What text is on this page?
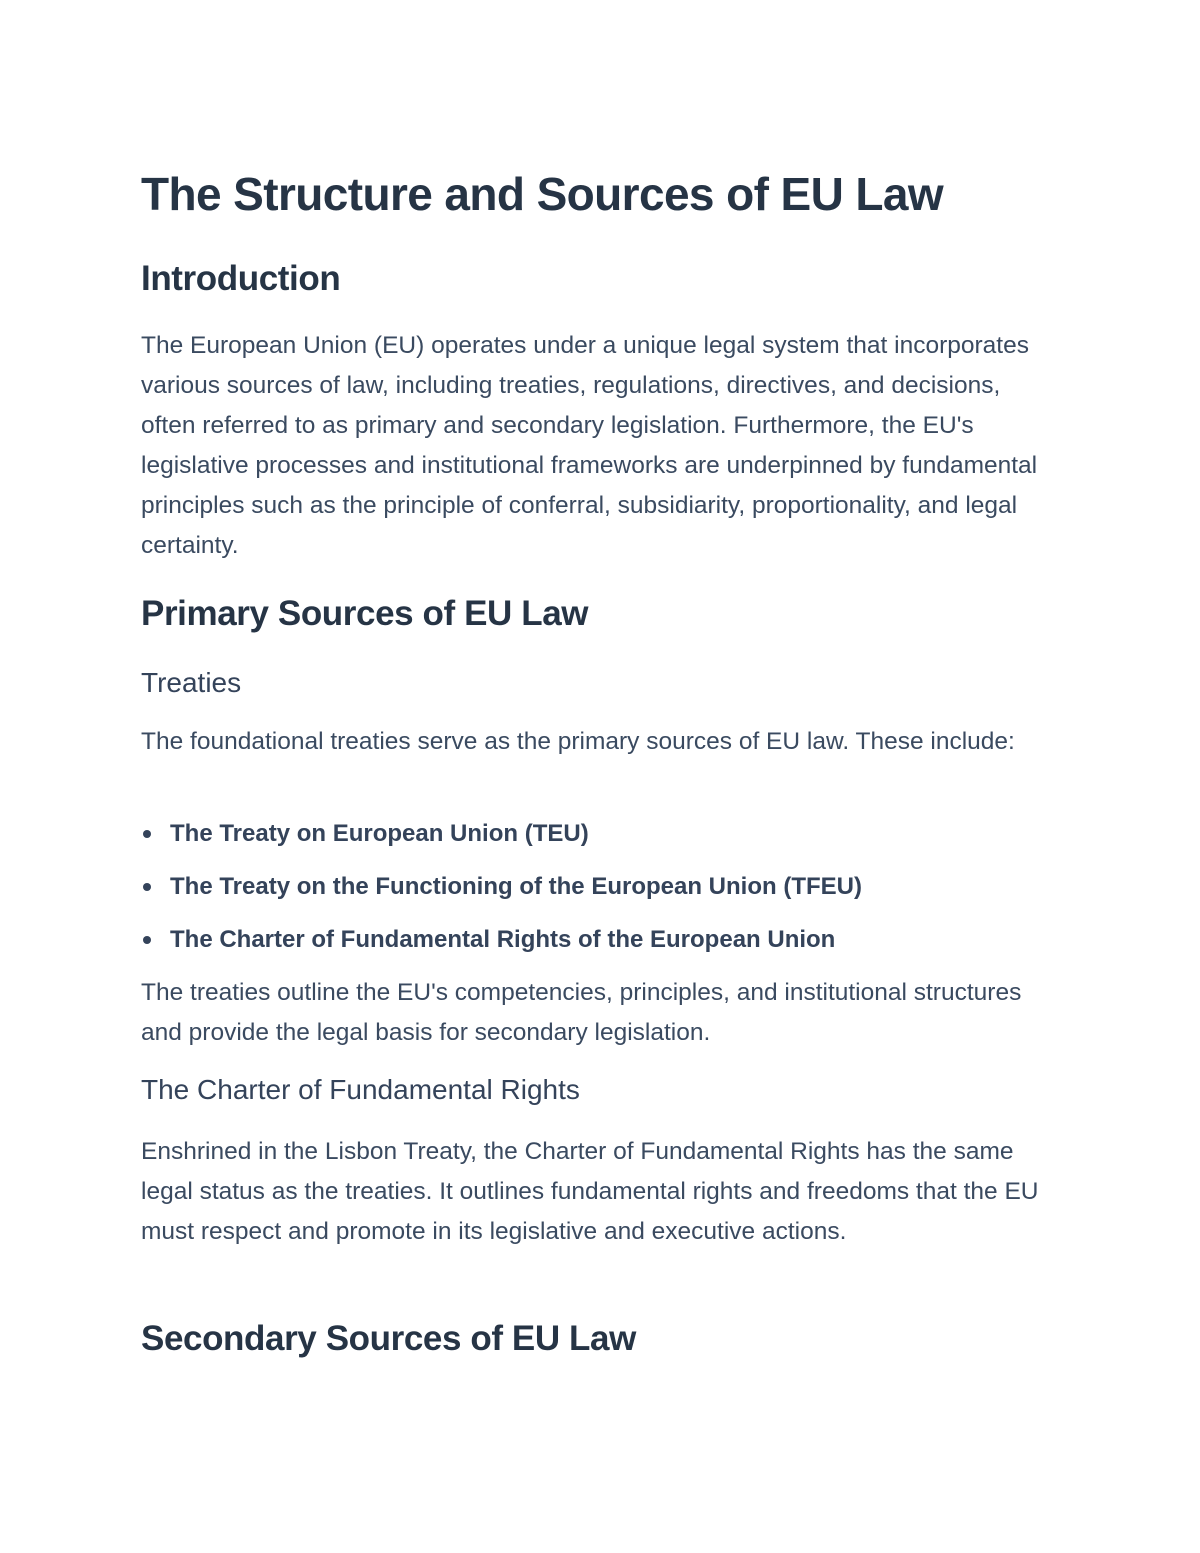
The Structure and Sources of EU Law
Introduction

The European Union (EU) operates under a unique legal system that incorporates various sources of law, including treaties, regulations, directives, and decisions, often referred to as primary and secondary legislation. Furthermore, the EU's legislative processes and institutional frameworks are underpinned by fundamental principles such as the principle of conferral, subsidiarity, proportionality, and legal certainty.

Primary Sources of EU Law
Treaties

The foundational treaties serve as the primary sources of EU law. These include:

The Treaty on European Union (TEU)
The Treaty on the Functioning of the European Union (TFEU)
The Charter of Fundamental Rights of the European Union

The treaties outline the EU's competencies, principles, and institutional structures and provide the legal basis for secondary legislation.

The Charter of Fundamental Rights

Enshrined in the Lisbon Treaty, the Charter of Fundamental Rights has the same legal status as the treaties. It outlines fundamental rights and freedoms that the EU must respect and promote in its legislative and executive actions.

Secondary Sources of EU Law
